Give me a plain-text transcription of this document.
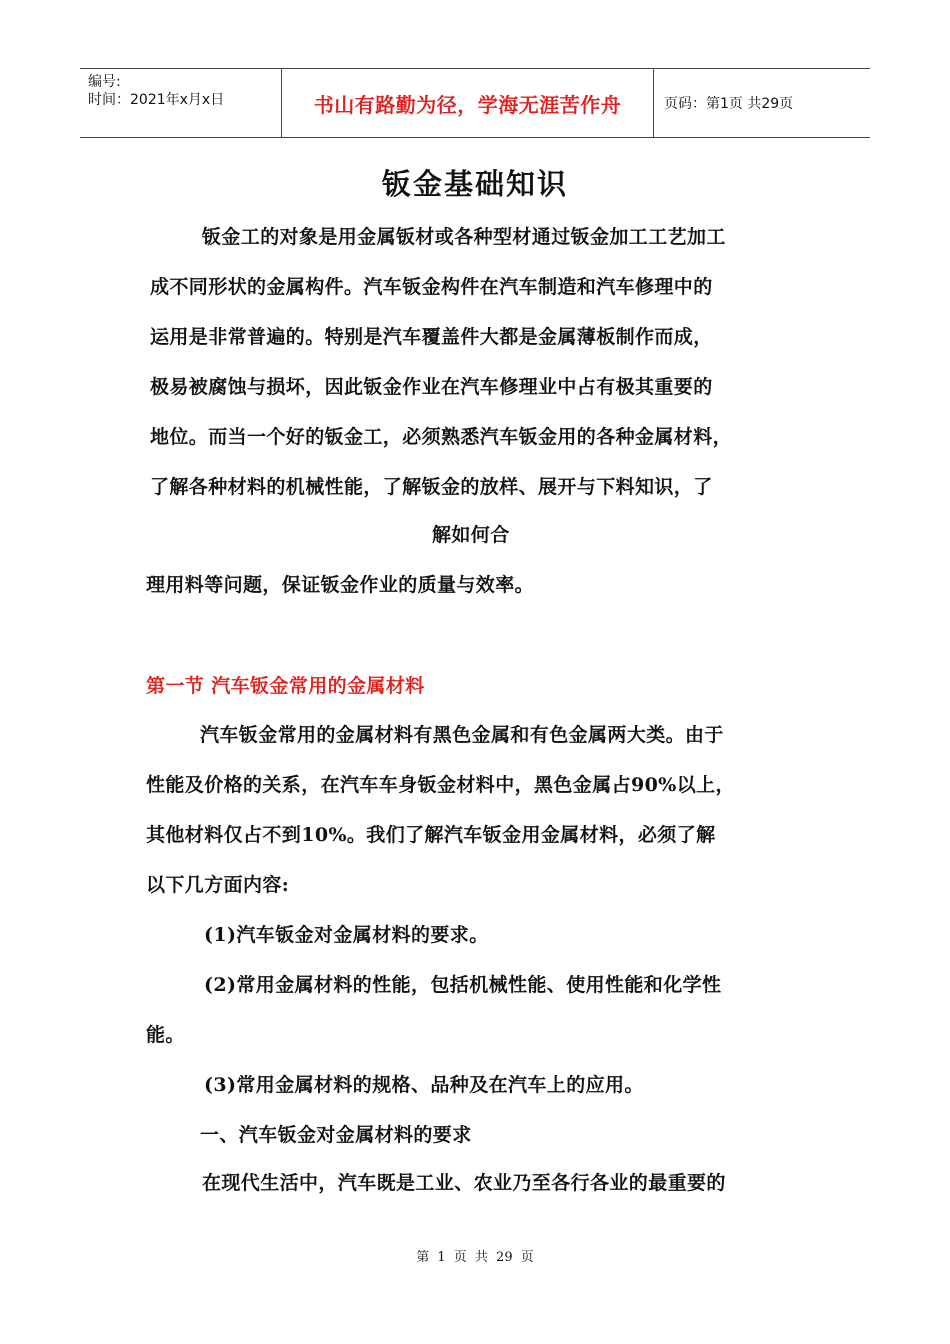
编号:
时间：2021年x月x日	书山有路勤为径，学海无涯苦作舟	页码：第1页 共29页
钣金基础知识
钣金工的对象是用金属钣材或各种型材通过钣金加工工艺加工
成不同形状的金属构件。汽车钣金构件在汽车制造和汽车修理中的
运用是非常普遍的。特别是汽车覆盖件大都是金属薄板制作而成，
极易被腐蚀与损坏，因此钣金作业在汽车修理业中占有极其重要的
地位。而当一个好的钣金工，必须熟悉汽车钣金用的各种金属材料，
了解各种材料的机械性能，了解钣金的放样、展开与下料知识，了
解如何合
理用料等问题，保证钣金作业的质量与效率。
第一节 汽车钣金常用的金属材料
汽车钣金常用的金属材料有黑色金属和有色金属两大类。由于
性能及价格的关系，在汽车车身钣金材料中，黑色金属占90%以上，
其他材料仅占不到10%。我们了解汽车钣金用金属材料，必须了解
以下几方面内容:
(1)汽车钣金对金属材料的要求。
(2)常用金属材料的性能，包括机械性能、使用性能和化学性
能。
(3)常用金属材料的规格、品种及在汽车上的应用。
一、汽车钣金对金属材料的要求
在现代生活中，汽车既是工业、农业乃至各行各业的最重要的
第 1 页 共 29 页
